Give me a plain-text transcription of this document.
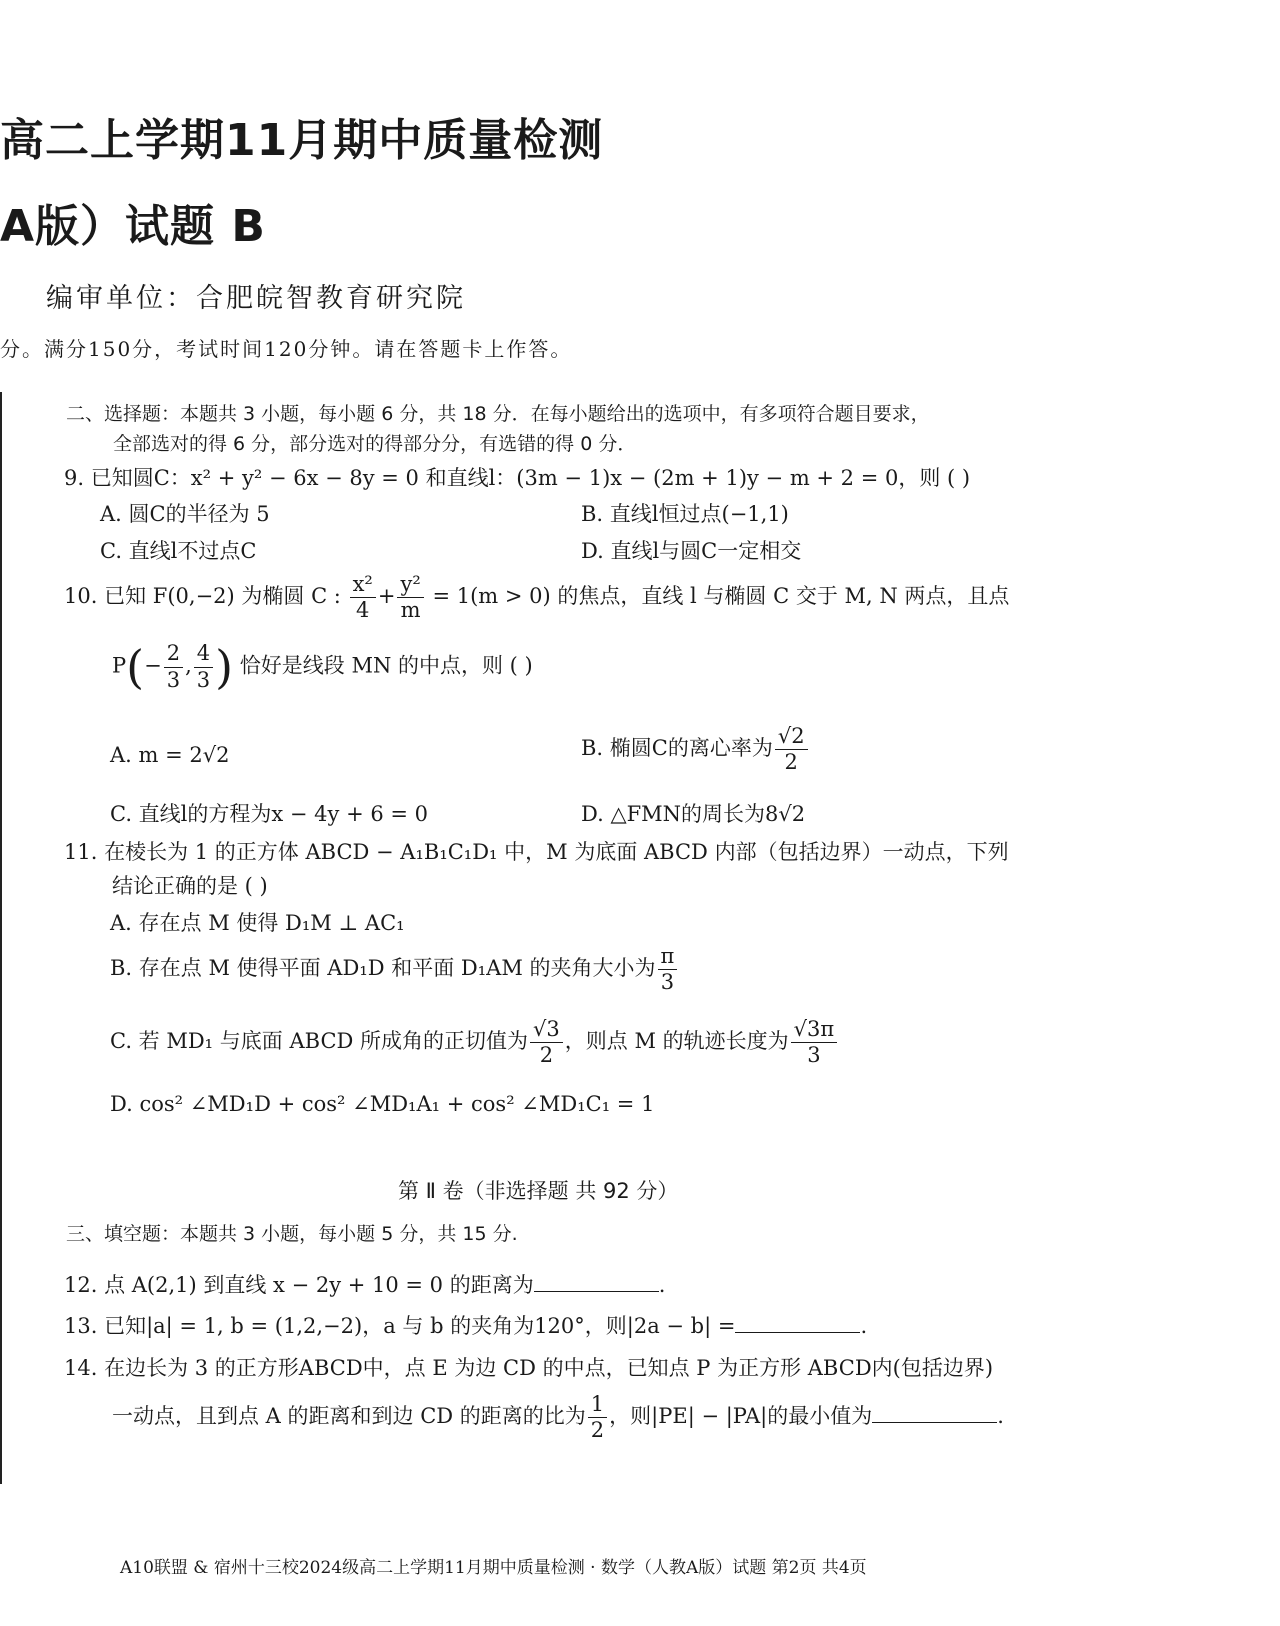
高二上学期11月期中质量检测
A版）试题 B
编审单位：合肥皖智教育研究院
分。满分150分，考试时间120分钟。请在答题卡上作答。
二、选择题：本题共 3 小题，每小题 6 分，共 18 分．在每小题给出的选项中，有多项符合题目要求，
全部选对的得 6 分，部分选对的得部分分，有选错的得 0 分．
9. 已知圆C：x² + y² − 6x − 8y = 0 和直线l：(3m − 1)x − (2m + 1)y − m + 2 = 0，则 ( )
A. 圆C的半径为 5	B. 直线l恒过点(−1,1)
C. 直线l不过点C	D. 直线l与圆C一定相交
10. 已知 F(0,−2) 为椭圆 C : $\frac{\text{x²}}{4} + \frac{\text{y²}}{m} = 1(m > 0)$ 的焦点，直线 l 与椭圆 C 交于 M, N 两点，且点
$P(- \frac{2}{3}$ , $\frac{4}{3}$ ) 恰好是线段 MN 的中点，则 ( )
A. m = 2√2	B. 椭圆C的离心率为 $\frac{√2}{2}$
C. 直线l的方程为x − 4y + 6 = 0	D. △FMN的周长为8√2
11. 在棱长为 1 的正方体 ABCD − A₁B₁C₁D₁ 中，M 为底面 ABCD 内部（包括边界）一动点，下列
结论正确的是 ( )
A. 存在点 M 使得 D₁M ⊥ AC₁
B. 存在点 M 使得平面 AD₁D 和平面 D₁AM 的夹角大小为 $\frac{\pi}{3}$
C. 若 MD₁ 与底面 ABCD 所成角的正切值为 $\frac{√3}{2}$ ，则点 M 的轨迹长度为 $\frac{√3\pi}{3}$
D. cos² ∠MD₁D + cos² ∠MD₁A₁ + cos² ∠MD₁C₁ = 1
第 Ⅱ 卷（非选择题 共 92 分）
三、填空题：本题共 3 小题，每小题 5 分，共 15 分.
12. 点 A(2,1) 到直线 x − 2y + 10 = 0 的距离为	.
13. 已知|a| = 1, b = (1,2,−2)，a 与 b 的夹角为120°，则|2a − b| =	.
14. 在边长为 3 的正方形ABCD中，点 E 为边 CD 的中点，已知点 P 为正方形 ABCD内(包括边界)
一动点，且到点 A 的距离和到边 CD 的距离的比为 $\frac{1}{2}$ ，则|PE| − |PA|的最小值为	.
A10联盟 & 宿州十三校2024级高二上学期11月期中质量检测 · 数学（人教A版）试题 第2页 共4页
